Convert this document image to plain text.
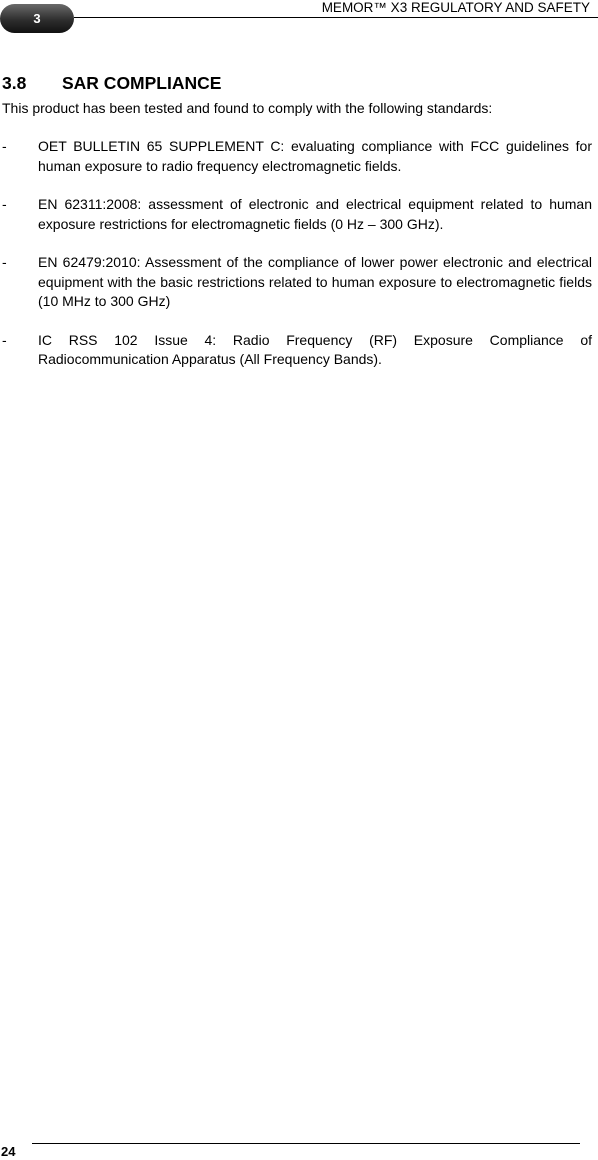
3
MEMOR™ X3 REGULATORY AND SAFETY
3.8 SAR COMPLIANCE

This product has been tested and found to comply with the following standards:

- OET BULLETIN 65 SUPPLEMENT C: evaluating compliance with FCC guidelines for human exposure to radio frequency electromagnetic fields.
- EN 62311:2008: assessment of electronic and electrical equipment related to human exposure restrictions for electromagnetic fields (0 Hz – 300 GHz).
- EN 62479:2010: Assessment of the compliance of lower power electronic and electrical equipment with the basic restrictions related to human exposure to electromagnetic fields (10 MHz to 300 GHz)
- IC RSS 102 Issue 4: Radio Frequency (RF) Exposure Compliance of Radiocommunication Apparatus (All Frequency Bands).
24
